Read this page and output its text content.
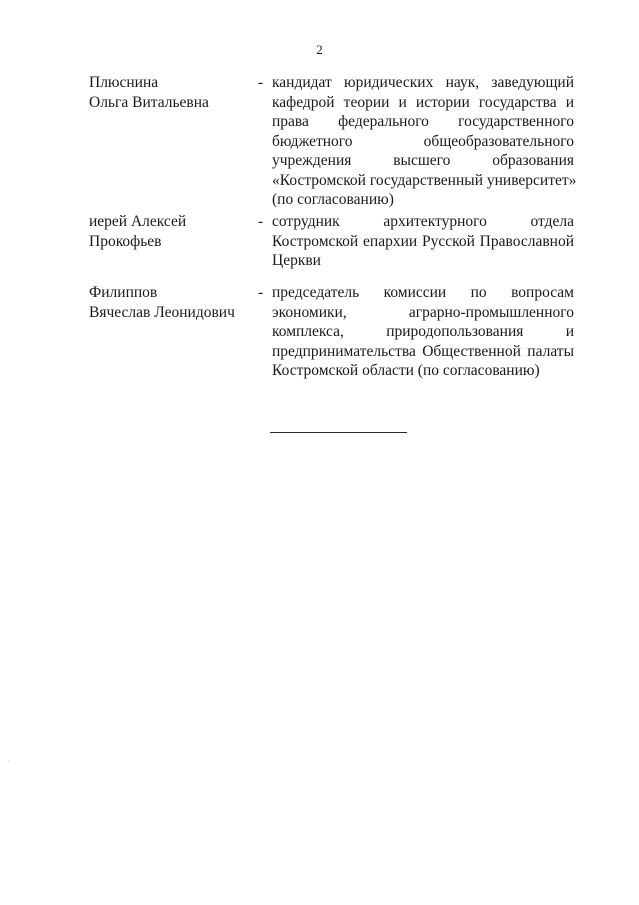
2
Плюснина
Ольга Витальевна
- кандидат юридических наук, заведующий
кафедрой теории и истории государства и
права федерального государственного
бюджетного общеобразовательного
учреждения высшего образования
«Костромской государственный университет»
(по согласованию)
иерей Алексей
Прокофьев
- сотрудник архитектурного отдела
Костромской епархии Русской Православной
Церкви
Филиппов
Вячеслав Леонидович
- председатель комиссии по вопросам
экономики, аграрно-промышленного
комплекса, природопользования и
предпринимательства Общественной палаты
Костромской области (по согласованию)
